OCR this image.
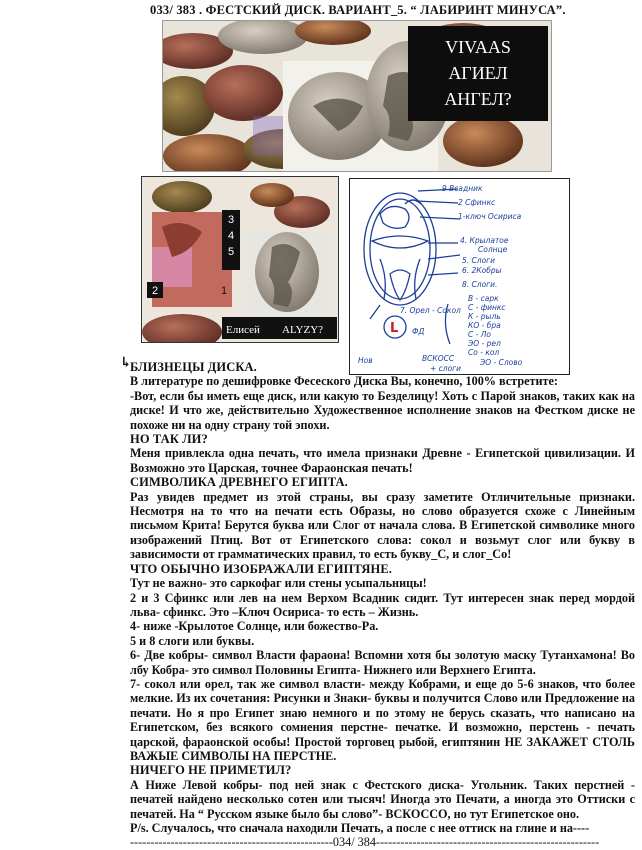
033/ 383 . ФЕСТСКИЙ ДИСК. ВАРИАНТ_5. “ ЛАБИРИНТ МИНУСА”.
VIVAAS
АГИЕЛ
АНГЕЛ?
3
4
5
2	1
Елисей ALYZY?
9 Всадник
2 Сфинкс
1-ключ Осириса
4. Крылатое
Солнце
5. Слоги
6. 2Кобры
8. Слоги.
7. Орел - Сокол
В - сарк
С - финкс
К - рыль
КО - бра
С - Ло
ЭО - рел
Со - кол
ЭО - Слово
ВСКОСС
+ слоги
ФД
Нов
L
↳

БЛИЗНЕЦЫ ДИСКА.

В литературе по дешифровке Фесеского Диска Вы, конечно, 100% встретите:

-Вот, если бы иметь еще диск, или какую то Безделицу! Хоть с Парой знаков, таких как на диске! И что же, действительно Художественное исполнение знаков на Фестком диске не похоже ни на одну страну той эпохи.

НО ТАК ЛИ?

Меня привлекла одна печать, что имела признаки Древне - Египетской цивилизации. И Возможно это Царская, точнее Фараонская печать!

СИМВОЛИКА ДРЕВНЕГО ЕГИПТА.

Раз увидев предмет из этой страны, вы сразу заметите Отличительные признаки. Несмотря на то что на печати есть Образы, но слово образуется схоже с Линейным письмом Крита! Берутся буква или Слог от начала слова. В Египетской символике много изображений Птиц. Вот от Египетского слова: сокол и возьмут слог или букву в зависимости от грамматических правил, то есть букву_С, и слог_Со!

ЧТО ОБЫЧНО ИЗОБРАЖАЛИ ЕГИПТЯНЕ.

Тут не важно- это саркофаг или стены усыпальницы!

2 и 3 Сфинкс или лев на нем Верхом Всадник сидит. Тут интересен знак перед мордой льва- сфинкс. Это –Ключ Осириса- то есть – Жизнь.

4- ниже -Крылотое Солнце, или божество-Ра.

5 и 8 слоги или буквы.

6- Две кобры- символ Власти фараона! Вспомни хотя бы золотую маску Тутанхамона! Во лбу Кобра- это символ Половины Египта- Нижнего или Верхнего Египта.

7- сокол или орел, так же символ власти- между Кобрами, и еще до 5-6 знаков, что более мелкие. Из их сочетания: Рисунки и Знаки- буквы и получится Слово или Предложение на печати. Но я про Египет знаю немного и по этому не берусь сказать, что написано на Египетском, без всякого сомнения перстне- печатке. И возможно, перстень - печать царской, фараонской особы! Простой торговец рыбой, египтянин НЕ ЗАКАЖЕТ СТОЛЬ ВАЖЫЕ СИМВОЛЫ НА ПЕРСТНЕ.

НИЧЕГО НЕ ПРИМЕТИЛ?

А Ниже Левой кобры- под ней знак с Фестского диска- Угольник. Таких перстней - печатей найдено несколько сотен или тысяч! Иногда это Печати, а иногда это Оттиски с печатей. На “ Русском языке было бы слово”- ВСКОССО, но тут Египетское оно.

P/s. Случалось, что сначала находили Печать, а после с нее оттиск на глине и на----

--------------------------------------------------034/ 384-------------------------------------------------------
